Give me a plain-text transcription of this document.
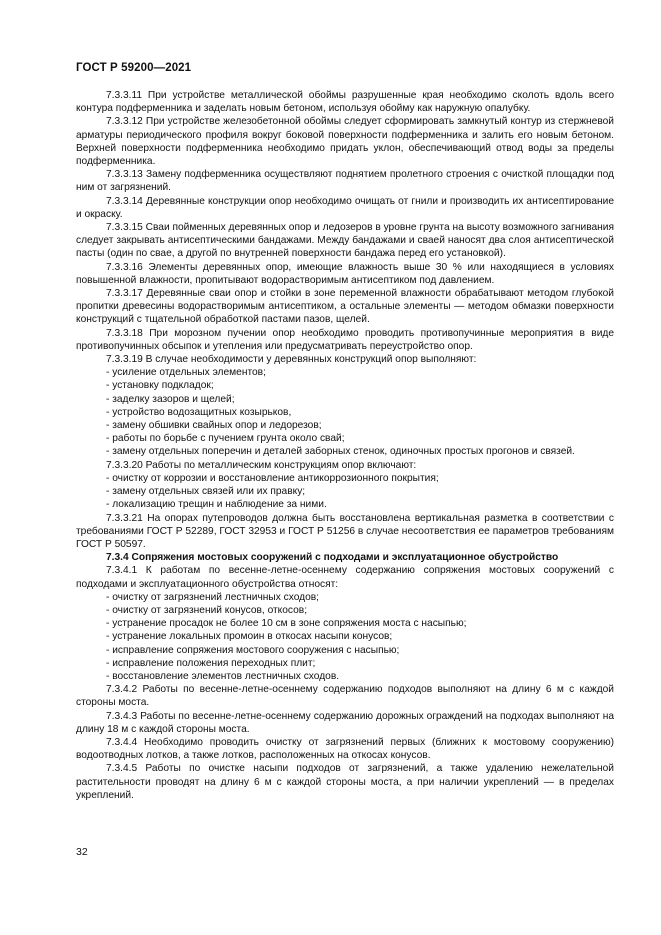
ГОСТ Р 59200—2021

7.3.3.11 При устройстве металлической обоймы разрушенные края необходимо сколоть вдоль всего контура подферменника и заделать новым бетоном, используя обойму как наружную опалубку.

7.3.3.12 При устройстве железобетонной обоймы следует сформировать замкнутый контур из стержневой арматуры периодического профиля вокруг боковой поверхности подферменника и залить его новым бетоном. Верхней поверхности подферменника необходимо придать уклон, обеспечивающий отвод воды за пределы подферменника.

7.3.3.13 Замену подферменника осуществляют поднятием пролетного строения с очисткой площадки под ним от загрязнений.

7.3.3.14 Деревянные конструкции опор необходимо очищать от гнили и производить их антисептирование и окраску.

7.3.3.15 Сваи пойменных деревянных опор и ледозеров в уровне грунта на высоту возможного загнивания следует закрывать антисептическими бандажами. Между бандажами и сваей наносят два слоя антисептической пасты (один по свае, а другой по внутренней поверхности бандажа перед его установкой).

7.3.3.16 Элементы деревянных опор, имеющие влажность выше 30 % или находящиеся в условиях повышенной влажности, пропитывают водорастворимым антисептиком под давлением.

7.3.3.17 Деревянные сваи опор и стойки в зоне переменной влажности обрабатывают методом глубокой пропитки древесины водорастворимым антисептиком, а остальные элементы — методом обмазки поверхности конструкций с тщательной обработкой пастами пазов, щелей.

7.3.3.18 При морозном пучении опор необходимо проводить противопучинные мероприятия в виде противопучинных обсыпок и утепления или предусматривать переустройство опор.

7.3.3.19 В случае необходимости у деревянных конструкций опор выполняют:

- усиление отдельных элементов;

- установку подкладок;

- заделку зазоров и щелей;

- устройство водозащитных козырьков,

- замену обшивки свайных опор и ледорезов;

- работы по борьбе с пучением грунта около свай;

- замену отдельных поперечин и деталей заборных стенок, одиночных простых прогонов и связей.

7.3.3.20 Работы по металлическим конструкциям опор включают:

- очистку от коррозии и восстановление антикоррозионного покрытия;

- замену отдельных связей или их правку;

- локализацию трещин и наблюдение за ними.

7.3.3.21 На опорах путепроводов должна быть восстановлена вертикальная разметка в соответствии с требованиями ГОСТ Р 52289, ГОСТ 32953 и ГОСТ Р 51256 в случае несоответствия ее параметров требованиям ГОСТ Р 50597.

7.3.4 Сопряжения мостовых сооружений с подходами и эксплуатационное обустройство

7.3.4.1 К работам по весенне-летне-осеннему содержанию сопряжения мостовых сооружений с подходами и эксплуатационного обустройства относят:

- очистку от загрязнений лестничных сходов;

- очистку от загрязнений конусов, откосов;

- устранение просадок не более 10 см в зоне сопряжения моста с насыпью;

- устранение локальных промоин в откосах насыпи конусов;

- исправление сопряжения мостового сооружения с насыпью;

- исправление положения переходных плит;

- восстановление элементов лестничных сходов.

7.3.4.2 Работы по весенне-летне-осеннему содержанию подходов выполняют на длину 6 м с каждой стороны моста.

7.3.4.3 Работы по весенне-летне-осеннему содержанию дорожных ограждений на подходах выполняют на длину 18 м с каждой стороны моста.

7.3.4.4 Необходимо проводить очистку от загрязнений первых (ближних к мостовому сооружению) водоотводных лотков, а также лотков, расположенных на откосах конусов.

7.3.4.5 Работы по очистке насыпи подходов от загрязнений, а также удалению нежелательной растительности проводят на длину 6 м с каждой стороны моста, а при наличии укреплений — в пределах укреплений.

32
